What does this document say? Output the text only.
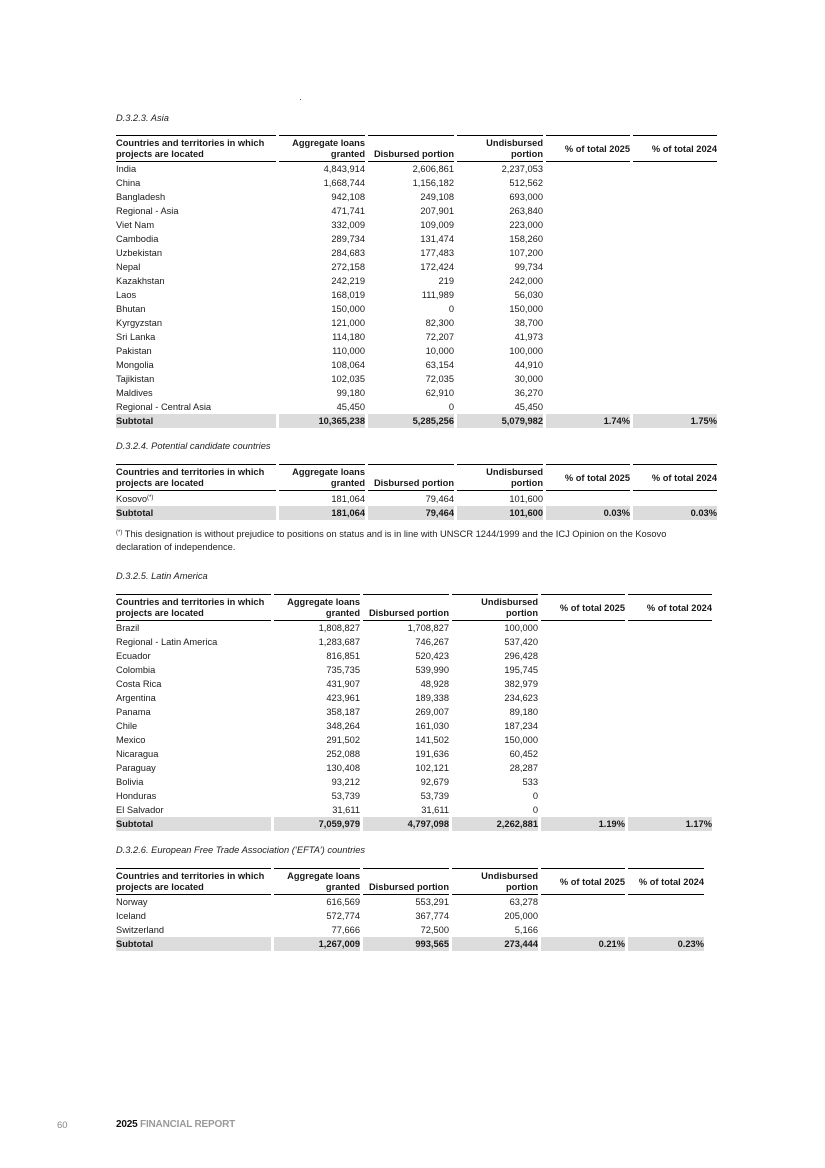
D.3.2.3. Asia
D.3.2.4. Potential candidate countries
D.3.2.5. Latin America
D.3.2.6. European Free Trade Association (‘EFTA’) countries
Countries and territories in which projects are located	Aggregate loans granted	Disbursed portion	Undisbursed portion	% of total 2025	% of total 2024
India	4,843,914	2,606,861	2,237,053		
China	1,668,744	1,156,182	512,562		
Bangladesh	942,108	249,108	693,000		
Regional - Asia	471,741	207,901	263,840		
Viet Nam	332,009	109,009	223,000		
Cambodia	289,734	131,474	158,260		
Uzbekistan	284,683	177,483	107,200		
Nepal	272,158	172,424	99,734		
Kazakhstan	242,219	219	242,000		
Laos	168,019	111,989	56,030		
Bhutan	150,000	0	150,000		
Kyrgyzstan	121,000	82,300	38,700		
Sri Lanka	114,180	72,207	41,973		
Pakistan	110,000	10,000	100,000		
Mongolia	108,064	63,154	44,910		
Tajikistan	102,035	72,035	30,000		
Maldives	99,180	62,910	36,270		
Regional - Central Asia	45,450	0	45,450		
Subtotal	10,365,238	5,285,256	5,079,982	1.74%	1.75%
Countries and territories in which projects are located	Aggregate loans granted	Disbursed portion	Undisbursed portion	% of total 2025	% of total 2024
Kosovo(*)	181,064	79,464	101,600		
Subtotal	181,064	79,464	101,600	0.03%	0.03%
Countries and territories in which projects are located	Aggregate loans granted	Disbursed portion	Undisbursed portion	% of total 2025	% of total 2024
Brazil	1,808,827	1,708,827	100,000		
Regional - Latin America	1,283,687	746,267	537,420		
Ecuador	816,851	520,423	296,428		
Colombia	735,735	539,990	195,745		
Costa Rica	431,907	48,928	382,979		
Argentina	423,961	189,338	234,623		
Panama	358,187	269,007	89,180		
Chile	348,264	161,030	187,234		
Mexico	291,502	141,502	150,000		
Nicaragua	252,088	191,636	60,452		
Paraguay	130,408	102,121	28,287		
Bolivia	93,212	92,679	533		
Honduras	53,739	53,739	0		
El Salvador	31,611	31,611	0		
Subtotal	7,059,979	4,797,098	2,262,881	1.19%	1.17%
Countries and territories in which projects are located	Aggregate loans granted	Disbursed portion	Undisbursed portion	% of total 2025	% of total 2024
Norway	616,569	553,291	63,278		
Iceland	572,774	367,774	205,000		
Switzerland	77,666	72,500	5,166		
Subtotal	1,267,009	993,565	273,444	0.21%	0.23%
(*) This designation is without prejudice to positions on status and is in line with UNSCR 1244/1999 and the ICJ Opinion on the Kosovo declaration of independence.
60	2025 FINANCIAL REPORT
